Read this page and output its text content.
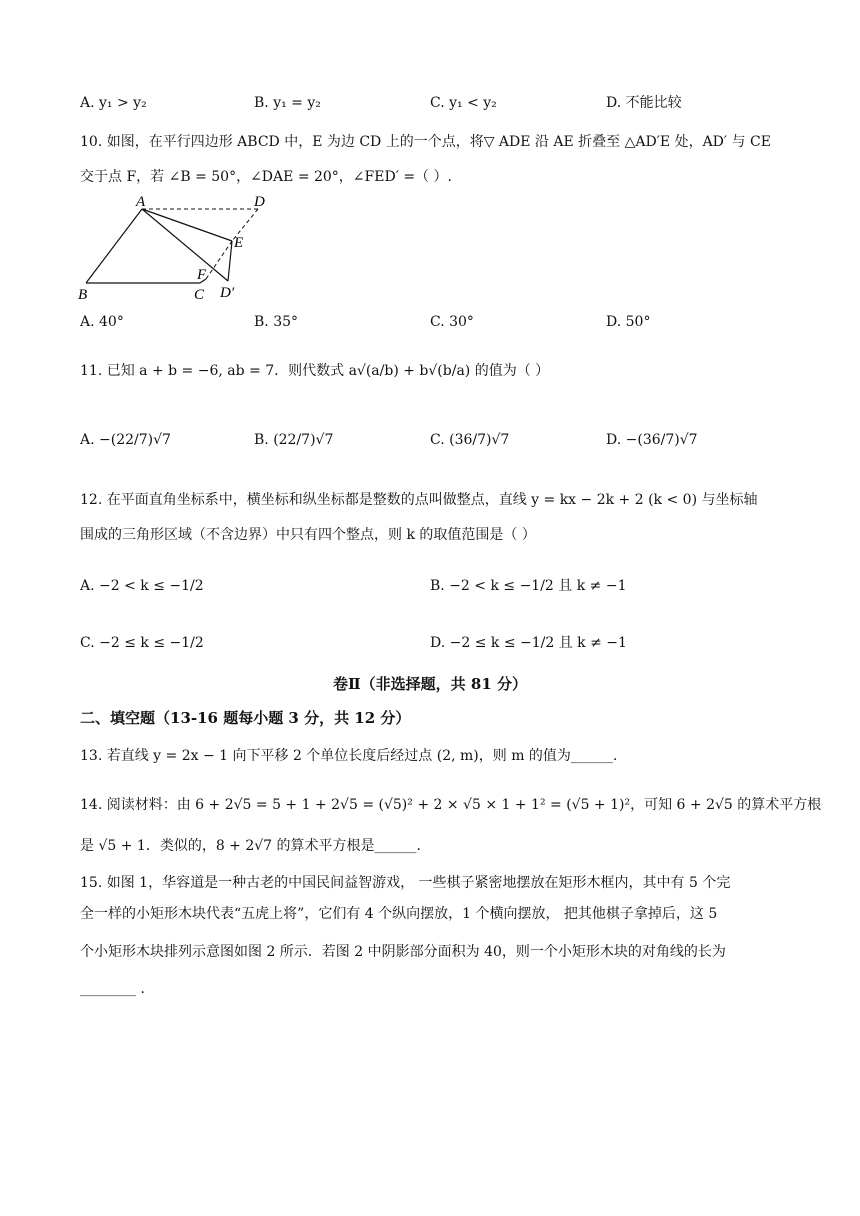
A. y₁ > y₂	B. y₁ = y₂	C. y₁ < y₂	D. 不能比较
10. 如图，在平行四边形 ABCD 中，E 为边 CD 上的一个点，将▽ ADE 沿 AE 折叠至 △AD′E 处，AD′ 与 CE
交于点 F，若 ∠B = 50°，∠DAE = 20°，∠FED′ =（ ）.
A	D
E
F
B	C D′
A. 40°	B. 35°	C. 30°	D. 50°
11. 已知 a + b = −6, ab = 7．则代数式 a√(a/b) + b√(b/a) 的值为（ ）
A. −(22/7)√7	B. (22/7)√7	C. (36/7)√7	D. −(36/7)√7
12. 在平面直角坐标系中，横坐标和纵坐标都是整数的点叫做整点，直线 y = kx − 2k + 2 (k < 0) 与坐标轴
围成的三角形区域（不含边界）中只有四个整点，则 k 的取值范围是（ ）
A. −2 < k ≤ −1/2	B. −2 < k ≤ −1/2 且 k ≠ −1
C. −2 ≤ k ≤ −1/2	D. −2 ≤ k ≤ −1/2 且 k ≠ −1
卷Ⅱ（非选择题，共 81 分）
二、填空题（13-16 题每小题 3 分，共 12 分）
13. 若直线 y = 2x − 1 向下平移 2 个单位长度后经过点 (2, m)，则 m 的值为______.
14. 阅读材料：由 6 + 2√5 = 5 + 1 + 2√5 = (√5)² + 2 × √5 × 1 + 1² = (√5 + 1)²，可知 6 + 2√5 的算术平方根
是 √5 + 1．类似的，8 + 2√7 的算术平方根是______.
15. 如图 1，华容道是一种古老的中国民间益智游戏， 一些棋子紧密地摆放在矩形木框内，其中有 5 个完
全一样的小矩形木块代表“五虎上将”，它们有 4 个纵向摆放，1 个横向摆放， 把其他棋子拿掉后，这 5
个小矩形木块排列示意图如图 2 所示．若图 2 中阴影部分面积为 40，则一个小矩形木块的对角线的长为
________ .
